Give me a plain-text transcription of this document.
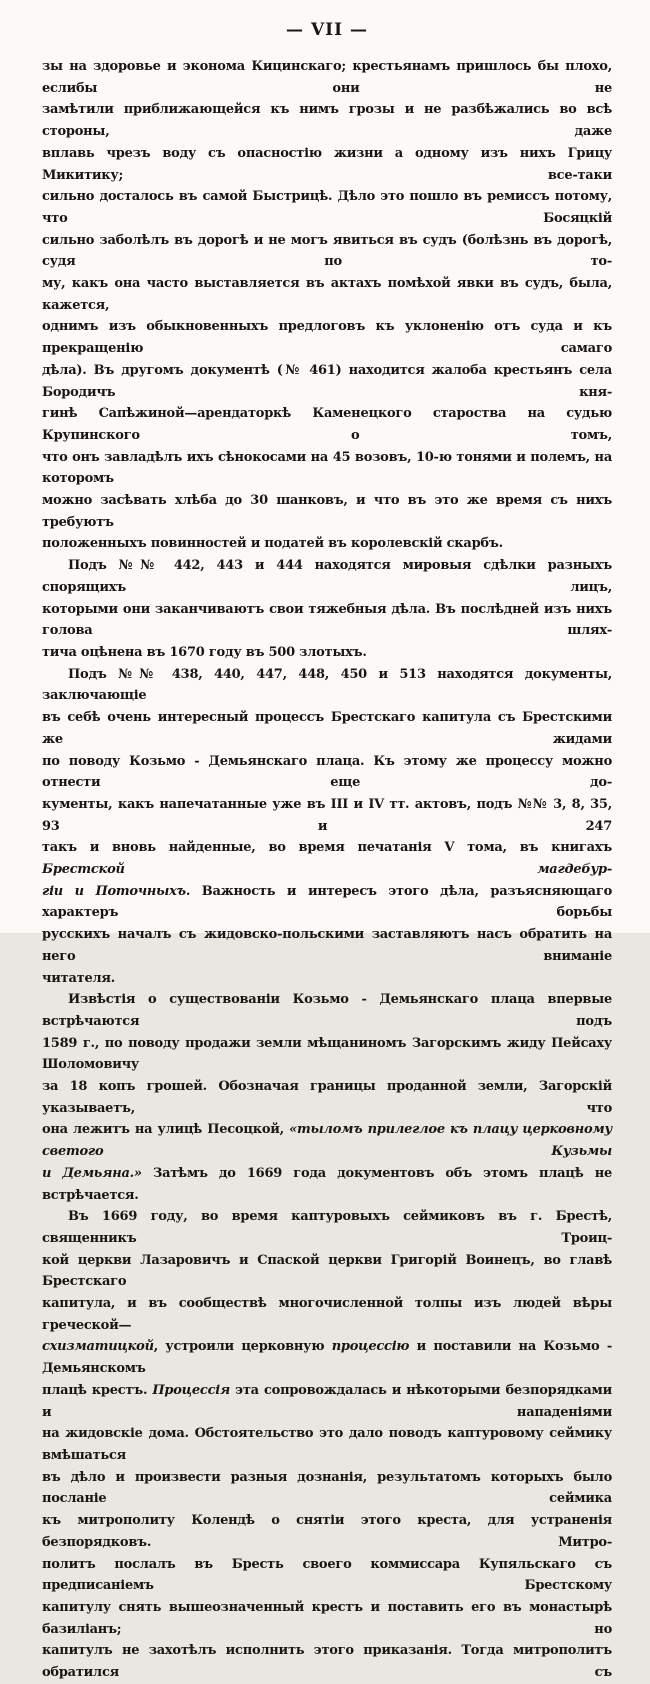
— VII —
зы на здоровье и эконома Кицинскаго; крестьянамъ пришлось бы плохо, еслибы они не
замѣтили приближающейся къ нимъ грозы и не разбѣжались во всѣ стороны, даже
вплавь чрезъ воду съ опасностію жизни а одному изъ нихъ Грицу Микитику; все-таки
сильно досталось въ самой Быстрицѣ. Дѣло это пошло въ ремиссъ потому, что Босяцкій
сильно заболѣлъ въ дорогѣ и не могъ явиться въ судъ (болѣзнь въ дорогѣ, судя по то-
му, какъ она часто выставляется въ актахъ помѣхой явки въ судъ, была, кажется,
однимъ изъ обыкновенныхъ предлоговъ къ уклоненію отъ суда и къ прекращенію самаго
дѣла). Въ другомъ документѣ (№ 461) находится жалоба крестьянъ села Бородичъ кня-
гинѣ Сапѣжиной—арендаторкѣ Каменецкого староства на судью Крупинского о томъ,
что онъ завладѣлъ ихъ сѣнокосами на 45 возовъ, 10-ю тонями и полемъ, на которомъ
можно засѣвать хлѣба до 30 шанковъ, и что въ это же время съ нихъ требуютъ
положенныхъ повинностей и податей въ королевскій скарбъ.
Подъ №№ 442, 443 и 444 находятся мировыя сдѣлки разныхъ спорящихъ лицъ,
которыми они заканчиваютъ свои тяжебныя дѣла. Въ послѣдней изъ нихъ голова шлях-
тича оцѣнена въ 1670 году въ 500 злотыхъ.
Подъ №№ 438, 440, 447, 448, 450 и 513 находятся документы, заключающіе
въ себѣ очень интересный процессъ Брестскаго капитула съ Брестскими же жидами
по поводу Козьмо - Демьянскаго плаца. Къ этому же процессу можно отнести еще до-
кументы, какъ напечатанные уже въ III и IV тт. актовъ, подъ №№ 3, 8, 35, 93 и 247
такъ и вновь найденные, во время печатанія V тома, въ книгахъ Брестской магдебур-
гіи и Поточныхъ. Важность и интересъ этого дѣла, разъясняющаго характеръ борьбы
русскихъ началъ съ жидовско-польскими заставляютъ насъ обратить на него вниманіе
читателя.
Извѣстія о существованіи Козьмо - Демьянскаго плаца впервые встрѣчаются подъ
1589 г., по поводу продажи земли мѣщаниномъ Загорскимъ жиду Пейсаху Шоломовичу
за 18 копъ грошей. Обозначая границы проданной земли, Загорскій указываетъ, что
она лежитъ на улицѣ Песоцкой, «тыломъ прилеглое къ плацу церковному светого Кузьмы
и Демьяна.» Затѣмъ до 1669 года документовъ объ этомъ плацѣ не встрѣчается.
Въ 1669 году, во время каптуровыхъ сеймиковъ въ г. Брестѣ, священникъ Троиц-
кой церкви Лазаровичъ и Спаской церкви Григорій Воинецъ, во главѣ Брестскаго
капитула, и въ сообществѣ многочисленной толпы изъ людей вѣры греческой—
схизматицкой, устроили церковную процессію и поставили на Козьмо - Демьянскомъ
плацѣ крестъ. Процессія эта сопровождалась и нѣкоторыми безпорядками и нападеніями
на жидовскіе дома. Обстоятельство это дало поводъ каптуровому сеймику вмѣшаться
въ дѣло и произвести разныя дознанія, результатомъ которыхъ было посланіе сеймика
къ митрополиту Колендѣ о снятіи этого креста, для устраненія безпорядковъ. Митро-
политъ послалъ въ Бресть своего коммиссара Купяльскаго съ предписаніемъ Брестскому
капитулу снять вышеозначенный крестъ и поставить его въ монастырѣ базиліанъ; но
капитулъ не захотѣлъ исполнить этого приказанія. Тогда митрополитъ обратился съ
